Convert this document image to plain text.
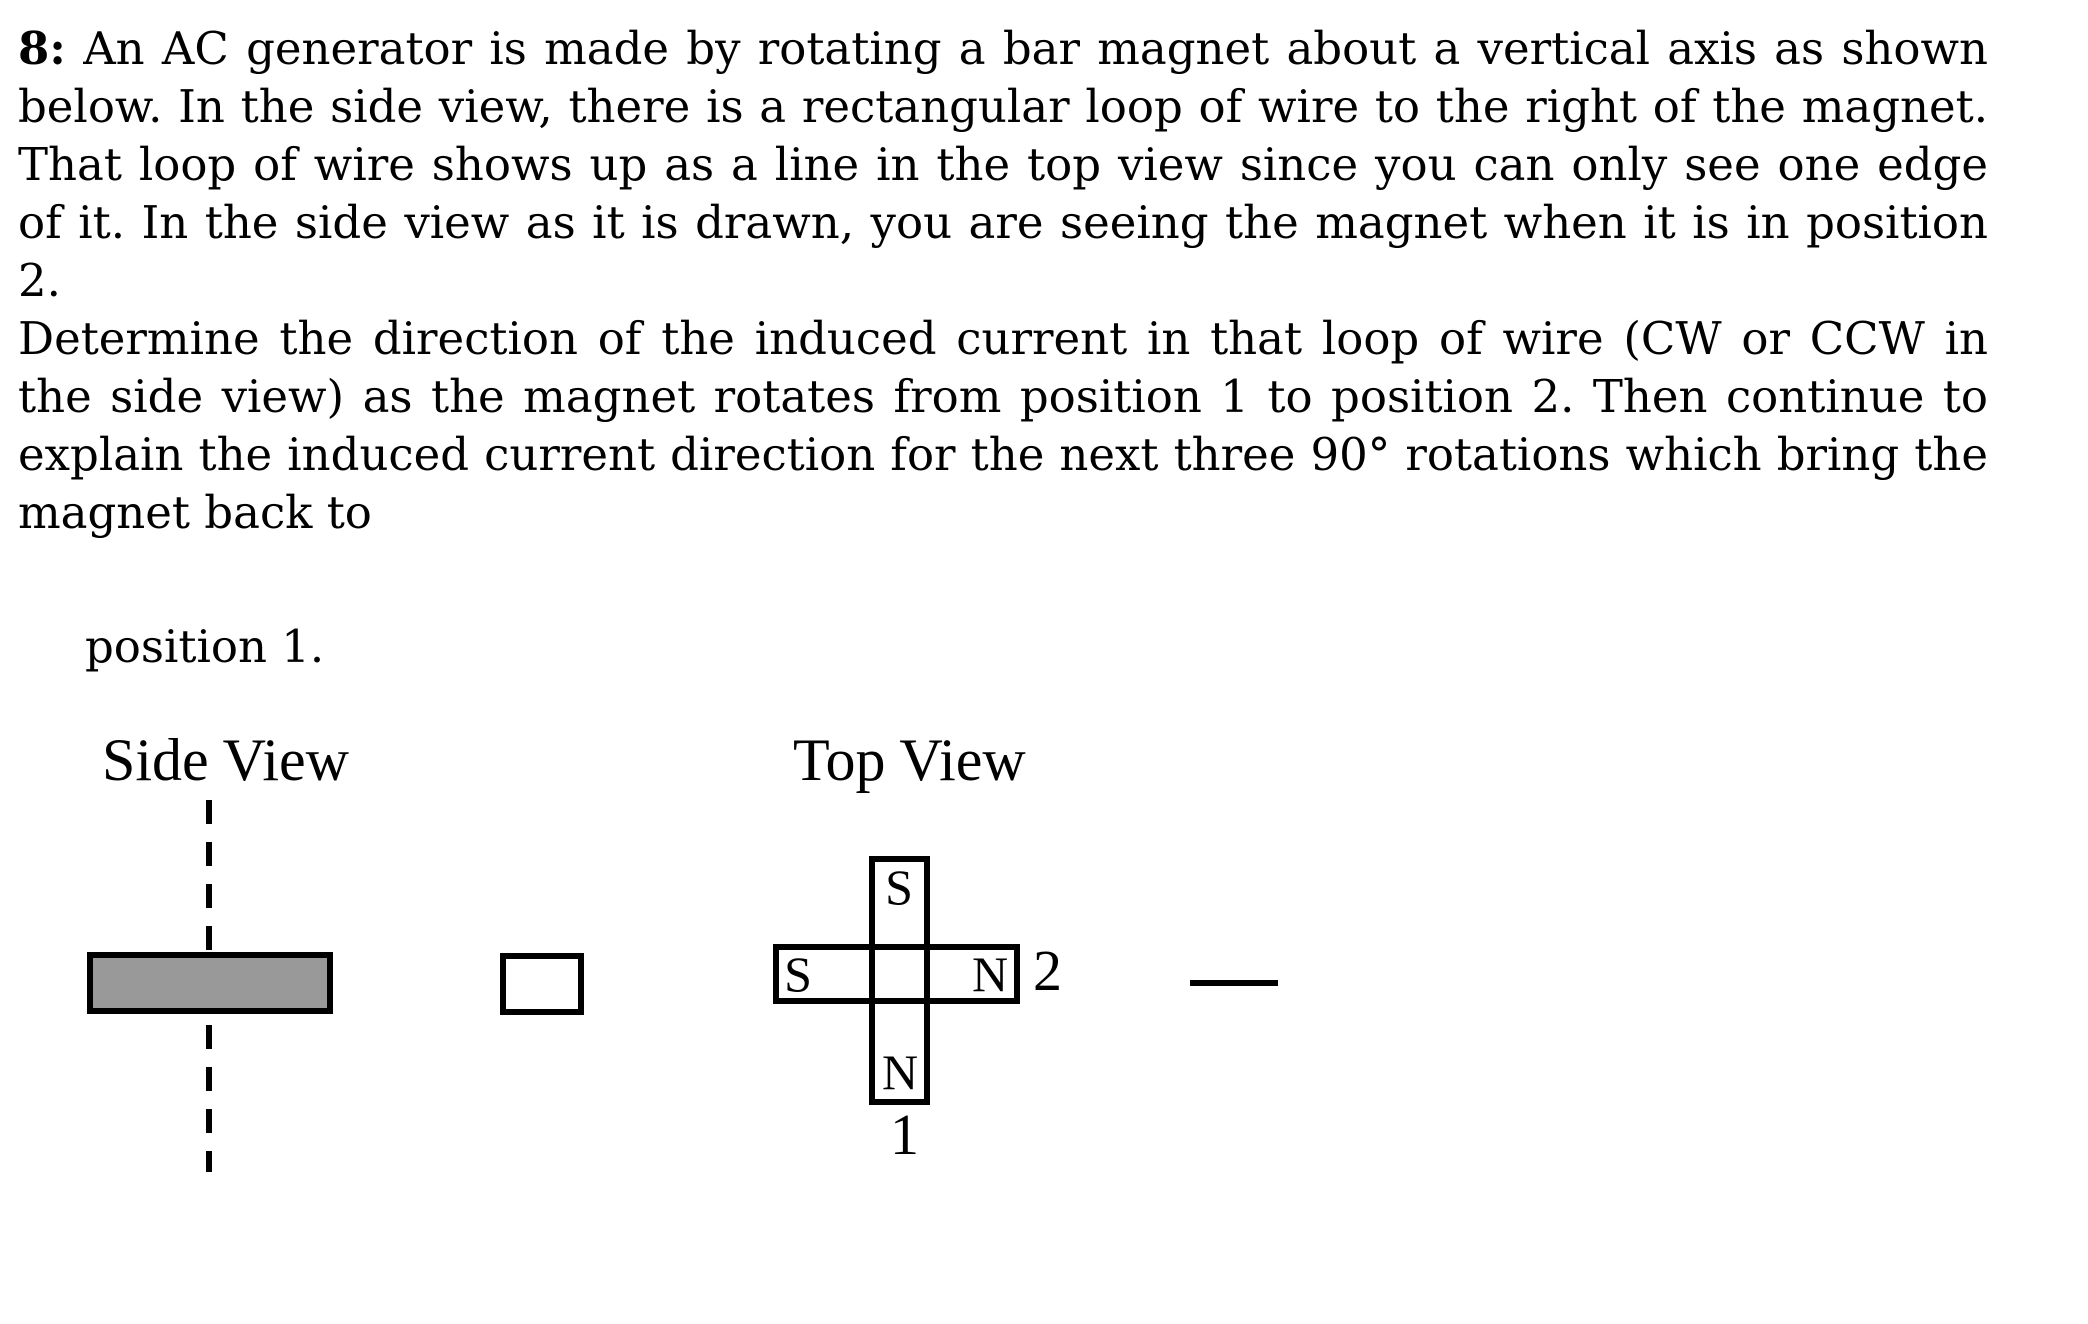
8: An AC generator is made by rotating a bar magnet about a vertical axis as shown below. In the side view, there is a rectangular loop of wire to the right of the magnet. That loop of wire shows up as a line in the top view since you can only see one edge of it. In the side view as it is drawn, you are seeing the magnet when it is in position 2.

Determine the direction of the induced current in that loop of wire (CW or CCW in the side view) as the magnet rotates from position 1 to position 2. Then continue to explain the induced current direction for the next three 90° rotations which bring the magnet back to

position 1.
Side View	Top View
S
N
S	N 2
1
